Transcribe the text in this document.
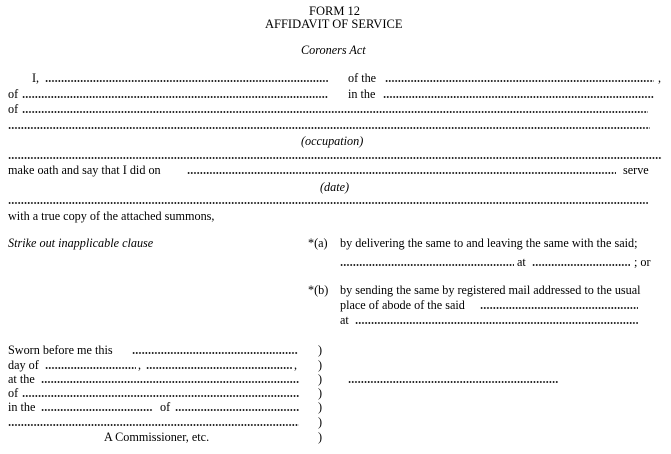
FORM 12
AFFIDAVIT OF SERVICE
Coroners Act
I,	of the	,
of	in the
of
(occupation)
make oath and say that I did on	serve
(date)
with a true copy of the attached summons,
Strike out inapplicable clause	*(a) by delivering the same to and leaving the same with the said;
at	; or
*(b) by sending the same by registered mail addressed to the usual
place of abode of the said
at
Sworn before me this
day of	,	,
at the
of
in the	of
A Commissioner, etc.
)
)
)
)
)
)
)
